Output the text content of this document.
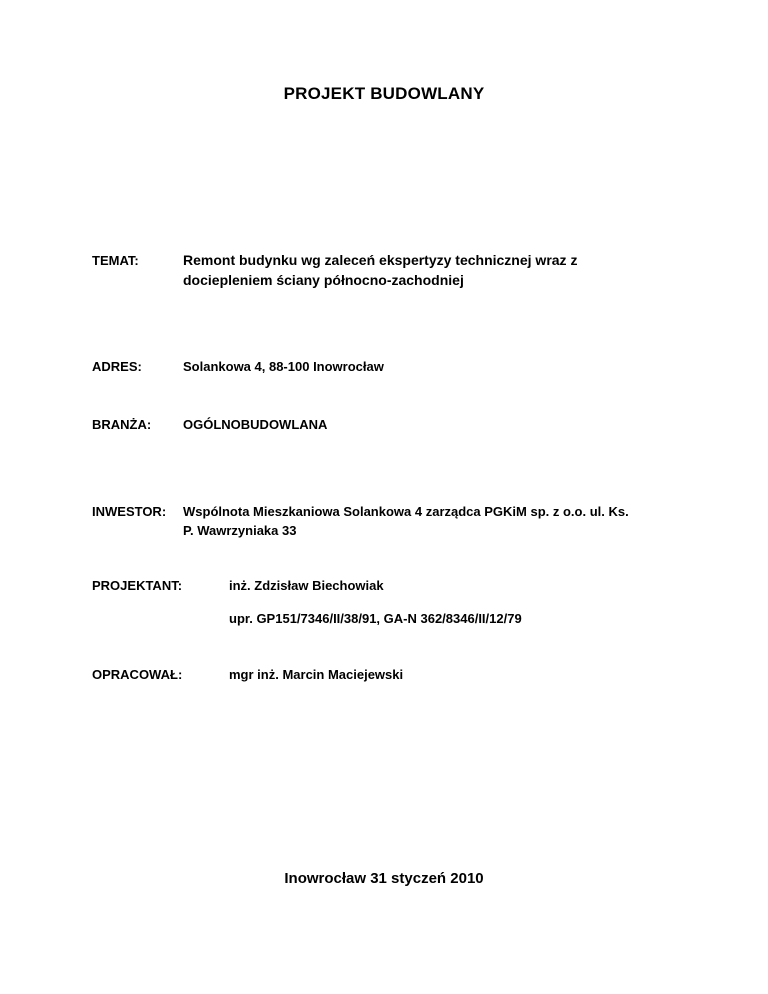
PROJEKT BUDOWLANY
TEMAT:	Remont budynku wg zaleceń ekspertyzy technicznej wraz z
dociepleniem ściany północno-zachodniej
ADRES:	Solankowa 4, 88-100 Inowrocław
BRANŻA: OGÓLNOBUDOWLANA
INWESTOR: Wspólnota Mieszkaniowa Solankowa 4 zarządca PGKiM sp. z o.o. ul. Ks.
P. Wawrzyniaka 33
PROJEKTANT:	inż. Zdzisław Biechowiak
upr. GP151/7346/II/38/91, GA-N 362/8346/II/12/79
OPRACOWAŁ:	mgr inż. Marcin Maciejewski
Inowrocław 31 styczeń 2010
